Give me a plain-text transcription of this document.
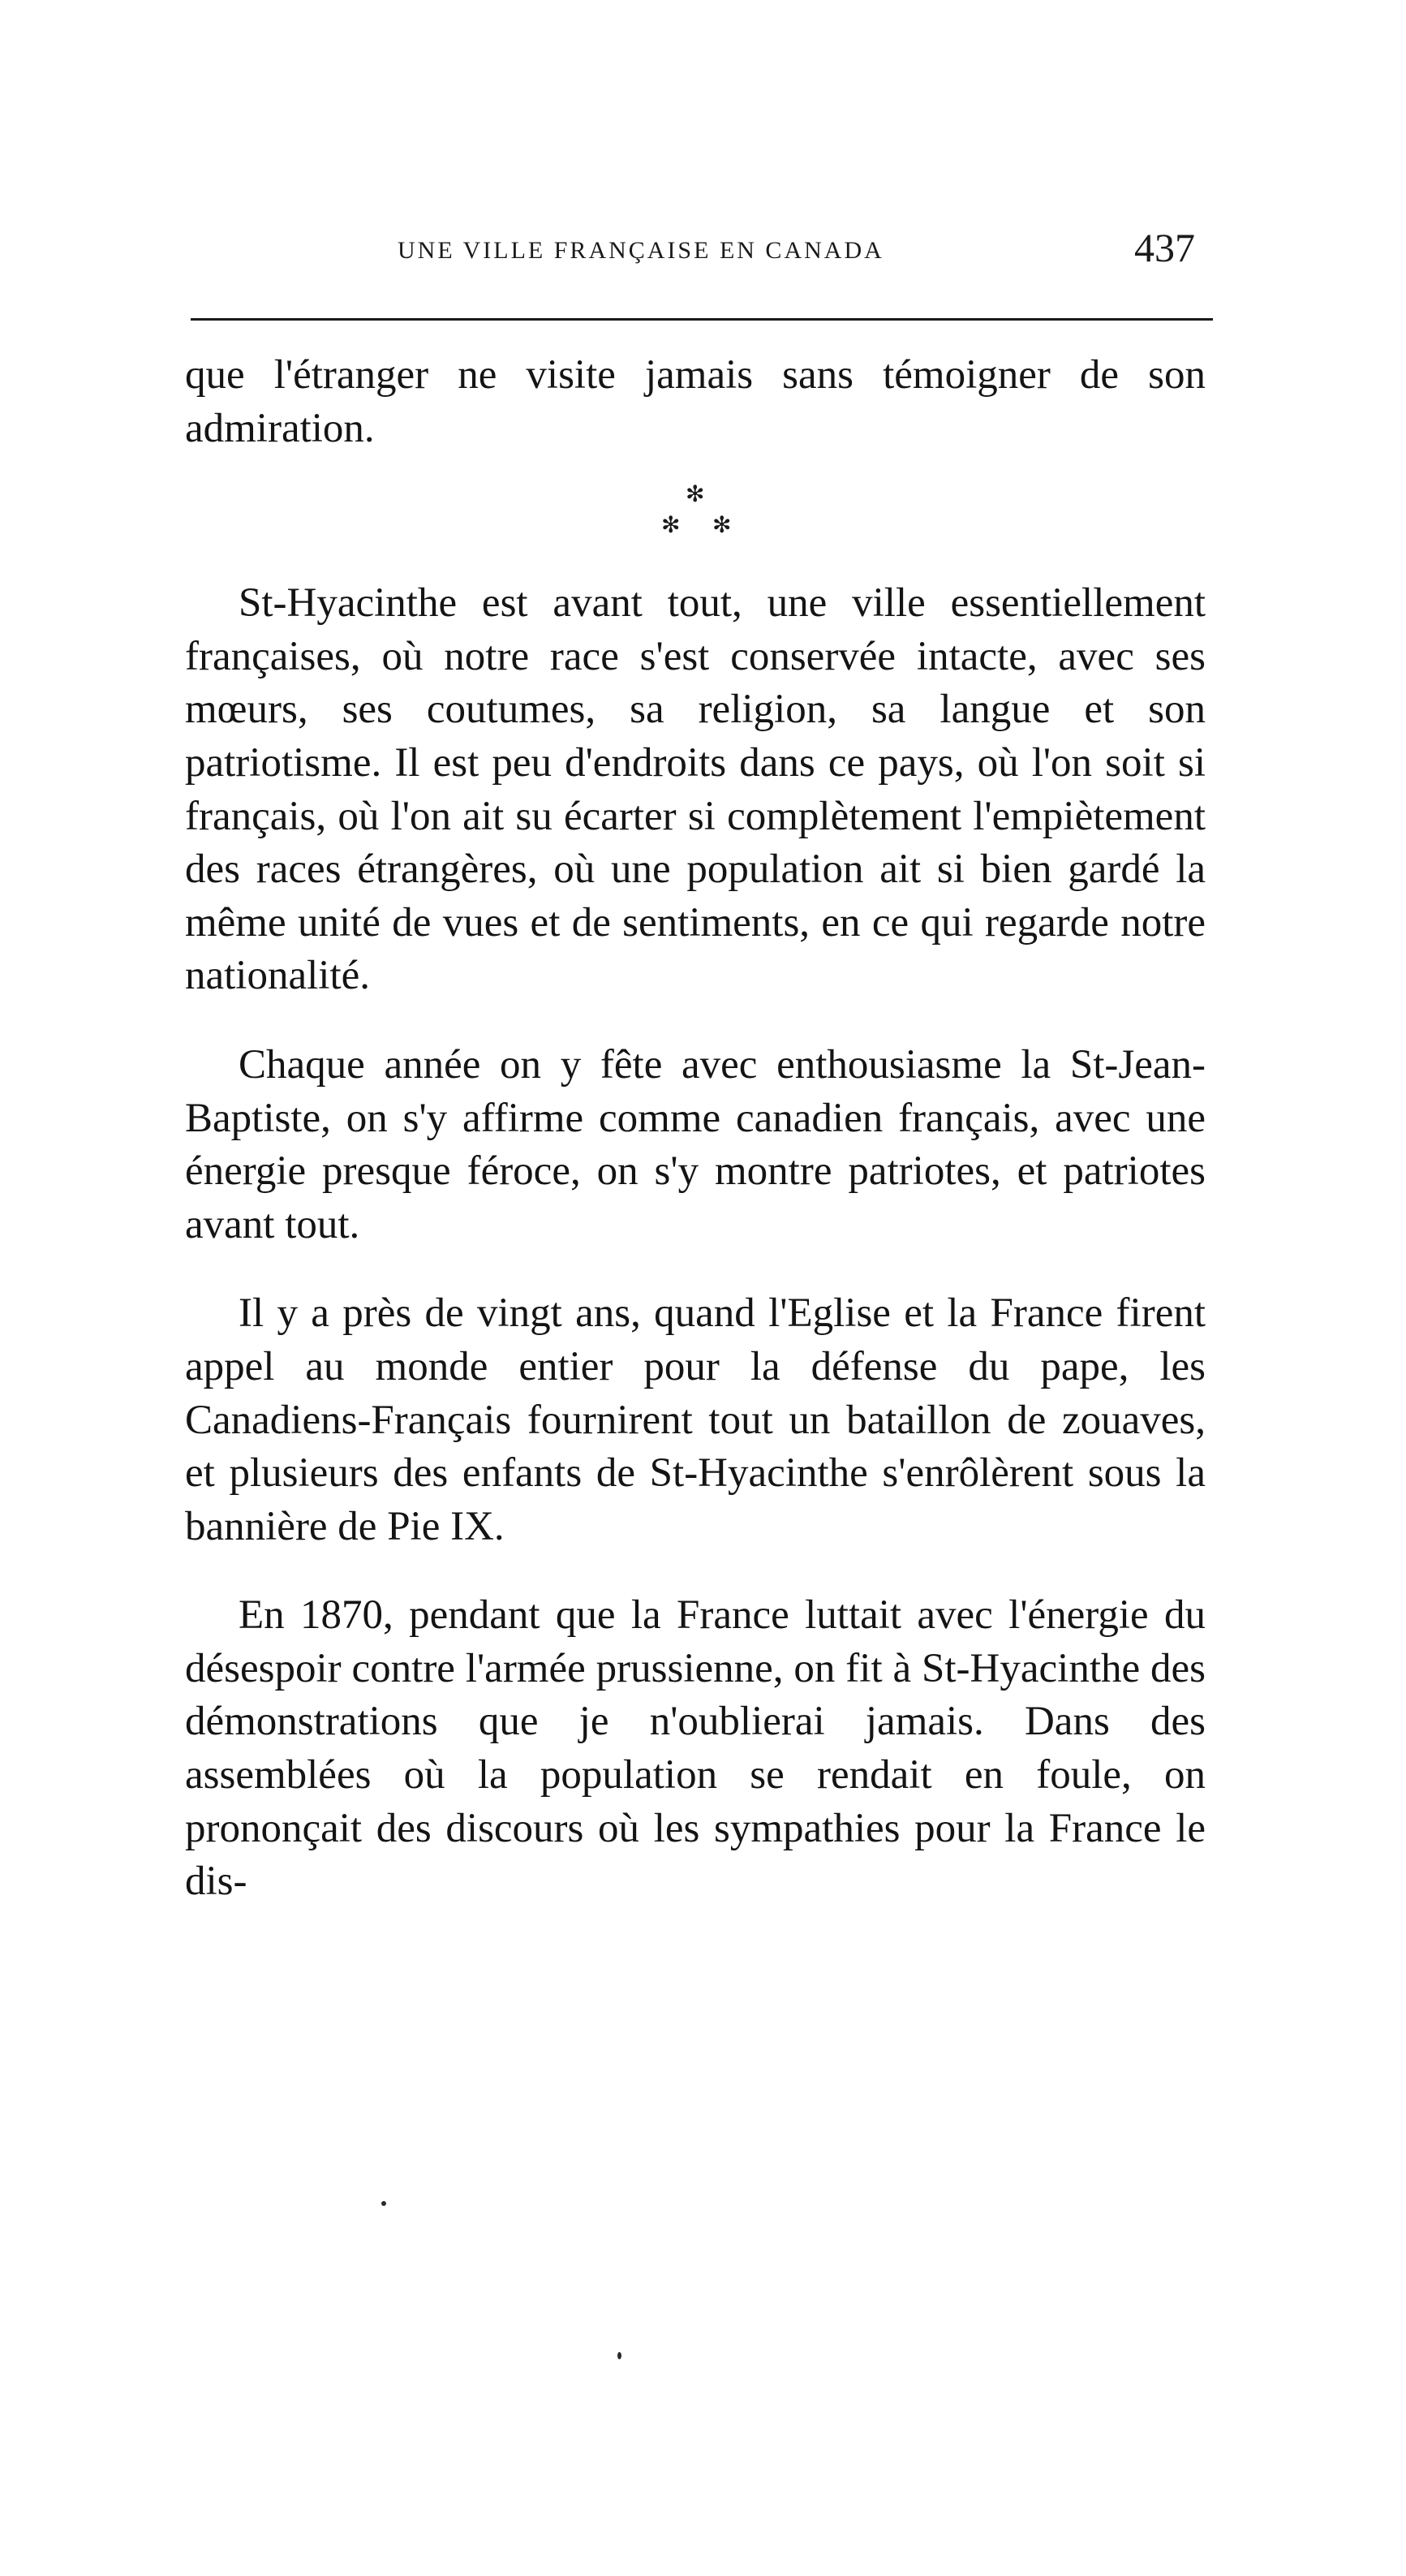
UNE VILLE FRANÇAISE EN CANADA	437

que l'étranger ne visite jamais sans témoigner de son admiration.

✻
✻ ✻

St-Hyacinthe est avant tout, une ville essentiellement françaises, où notre race s'est conservée intacte, avec ses mœurs, ses coutumes, sa religion, sa langue et son patriotisme. Il est peu d'endroits dans ce pays, où l'on soit si français, où l'on ait su écarter si complètement l'empiètement des races étrangères, où une population ait si bien gardé la même unité de vues et de sentiments, en ce qui regarde notre nationalité.

Chaque année on y fête avec enthousiasme la St-Jean-Baptiste, on s'y affirme comme canadien français, avec une énergie presque féroce, on s'y montre patriotes, et patriotes avant tout.

Il y a près de vingt ans, quand l'Eglise et la France firent appel au monde entier pour la défense du pape, les Canadiens-Français fournirent tout un bataillon de zouaves, et plusieurs des enfants de St-Hyacinthe s'enrôlèrent sous la bannière de Pie IX.

En 1870, pendant que la France luttait avec l'énergie du désespoir contre l'armée prussienne, on fit à St-Hyacinthe des démonstrations que je n'oublierai jamais. Dans des assemblées où la population se rendait en foule, on prononçait des discours où les sympathies pour la France le dis-
